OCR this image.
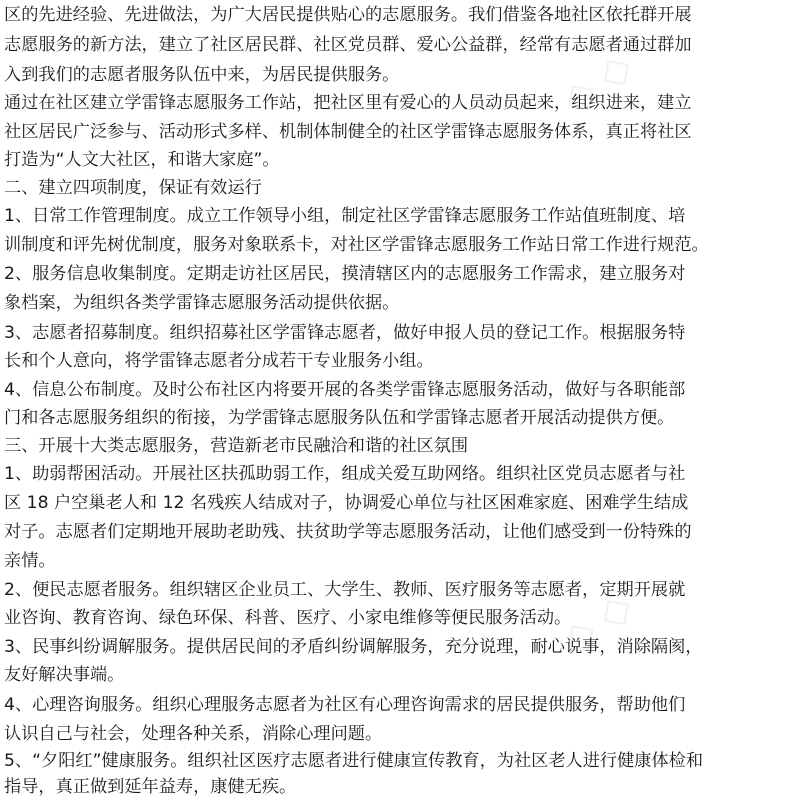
◇ ◇
◇ ◇
区的先进经验、先进做法，为广大居民提供贴心的志愿服务。我们借鉴各地社区依托群开展
志愿服务的新方法，建立了社区居民群、社区党员群、爱心公益群，经常有志愿者通过群加
入到我们的志愿者服务队伍中来，为居民提供服务。
通过在社区建立学雷锋志愿服务工作站，把社区里有爱心的人员动员起来，组织进来，建立
社区居民广泛参与、活动形式多样、机制体制健全的社区学雷锋志愿服务体系，真正将社区
打造为“人文大社区，和谐大家庭”。
二、建立四项制度，保证有效运行
1、日常工作管理制度。成立工作领导小组，制定社区学雷锋志愿服务工作站值班制度、培
训制度和评先树优制度，服务对象联系卡，对社区学雷锋志愿服务工作站日常工作进行规范。
2、服务信息收集制度。定期走访社区居民，摸清辖区内的志愿服务工作需求，建立服务对
象档案，为组织各类学雷锋志愿服务活动提供依据。
3、志愿者招募制度。组织招募社区学雷锋志愿者，做好申报人员的登记工作。根据服务特
长和个人意向，将学雷锋志愿者分成若干专业服务小组。
4、信息公布制度。及时公布社区内将要开展的各类学雷锋志愿服务活动，做好与各职能部
门和各志愿服务组织的衔接，为学雷锋志愿服务队伍和学雷锋志愿者开展活动提供方便。
三、开展十大类志愿服务，营造新老市民融洽和谐的社区氛围
1、助弱帮困活动。开展社区扶孤助弱工作，组成关爱互助网络。组织社区党员志愿者与社
区 18 户空巢老人和 12 名残疾人结成对子，协调爱心单位与社区困难家庭、困难学生结成
对子。志愿者们定期地开展助老助残、扶贫助学等志愿服务活动，让他们感受到一份特殊的
亲情。
2、便民志愿者服务。组织辖区企业员工、大学生、教师、医疗服务等志愿者，定期开展就
业咨询、教育咨询、绿色环保、科普、医疗、小家电维修等便民服务活动。
3、民事纠纷调解服务。提供居民间的矛盾纠纷调解服务，充分说理，耐心说事，消除隔阂，
友好解决事端。
4、心理咨询服务。组织心理服务志愿者为社区有心理咨询需求的居民提供服务，帮助他们
认识自己与社会，处理各种关系，消除心理问题。
5、“夕阳红”健康服务。组织社区医疗志愿者进行健康宣传教育，为社区老人进行健康体检和
指导，真正做到延年益寿，康健无疾。
